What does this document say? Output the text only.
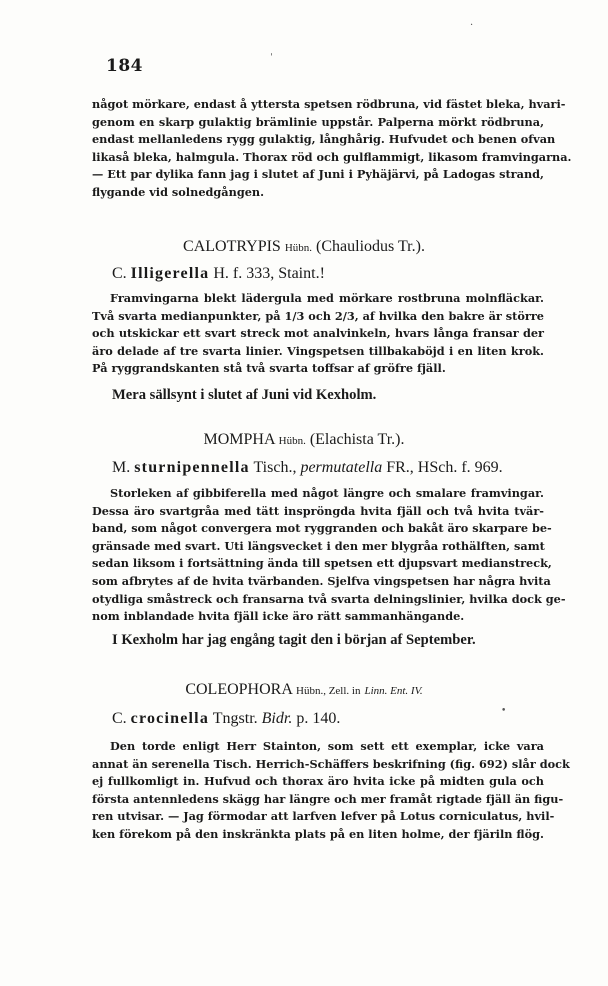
184
något mörkare, endast å yttersta spetsen rödbruna, vid fästet bleka, hvari-
genom en skarp gulaktig brämlinie uppstår. Palperna mörkt rödbruna,
endast mellanledens rygg gulaktig, långhårig. Hufvudet och benen ofvan
likaså bleka, halmgula. Thorax röd och gulflammigt, likasom framvingarna.
— Ett par dylika fann jag i slutet af Juni i Pyhäjärvi, på Ladogas strand,
flygande vid solnedgången.
CALOTRYPIS Hübn. (Chauliodus Tr.).
C. Illigerella H. f. 333, Staint.!
Framvingarna blekt lädergula med mörkare rostbruna molnfläckar.
Två svarta medianpunkter, på 1/3 och 2/3, af hvilka den bakre är större
och utskickar ett svart streck mot analvinkeln, hvars långa fransar der
äro delade af tre svarta linier. Vingspetsen tillbakaböjd i en liten krok.
På ryggrandskanten stå två svarta toffsar af gröfre fjäll.
Mera sällsynt i slutet af Juni vid Kexholm.
MOMPHA Hübn. (Elachista Tr.).
M. sturnipennella Tisch., permutatella FR., HSch. f. 969.
Storleken af gibbiferella med något längre och smalare framvingar.
Dessa äro svartgråa med tätt inspröngda hvita fjäll och två hvita tvär-
band, som något convergera mot ryggranden och bakåt äro skarpare be-
gränsade med svart. Uti längsvecket i den mer blygråa rothälften, samt
sedan liksom i fortsättning ända till spetsen ett djupsvart medianstreck,
som afbrytes af de hvita tvärbanden. Sjelfva vingspetsen har några hvita
otydliga småstreck och fransarna två svarta delningslinier, hvilka dock ge-
nom inblandade hvita fjäll icke äro rätt sammanhängande.
I Kexholm har jag engång tagit den i början af September.
COLEOPHORA Hübn., Zell. in Linn. Ent. IV.
C. crocinella Tngstr. Bidr. p. 140.
Den torde enligt Herr Stainton, som sett ett exemplar, icke vara
annat än serenella Tisch. Herrich-Schäffers beskrifning (fig. 692) slår dock
ej fullkomligt in. Hufvud och thorax äro hvita icke på midten gula och
första antennledens skägg har längre och mer framåt rigtade fjäll än figu-
ren utvisar. — Jag förmodar att larfven lefver på Lotus corniculatus, hvil-
ken förekom på den inskränkta plats på en liten holme, der fjäriln flög.
·
ˌ
•
